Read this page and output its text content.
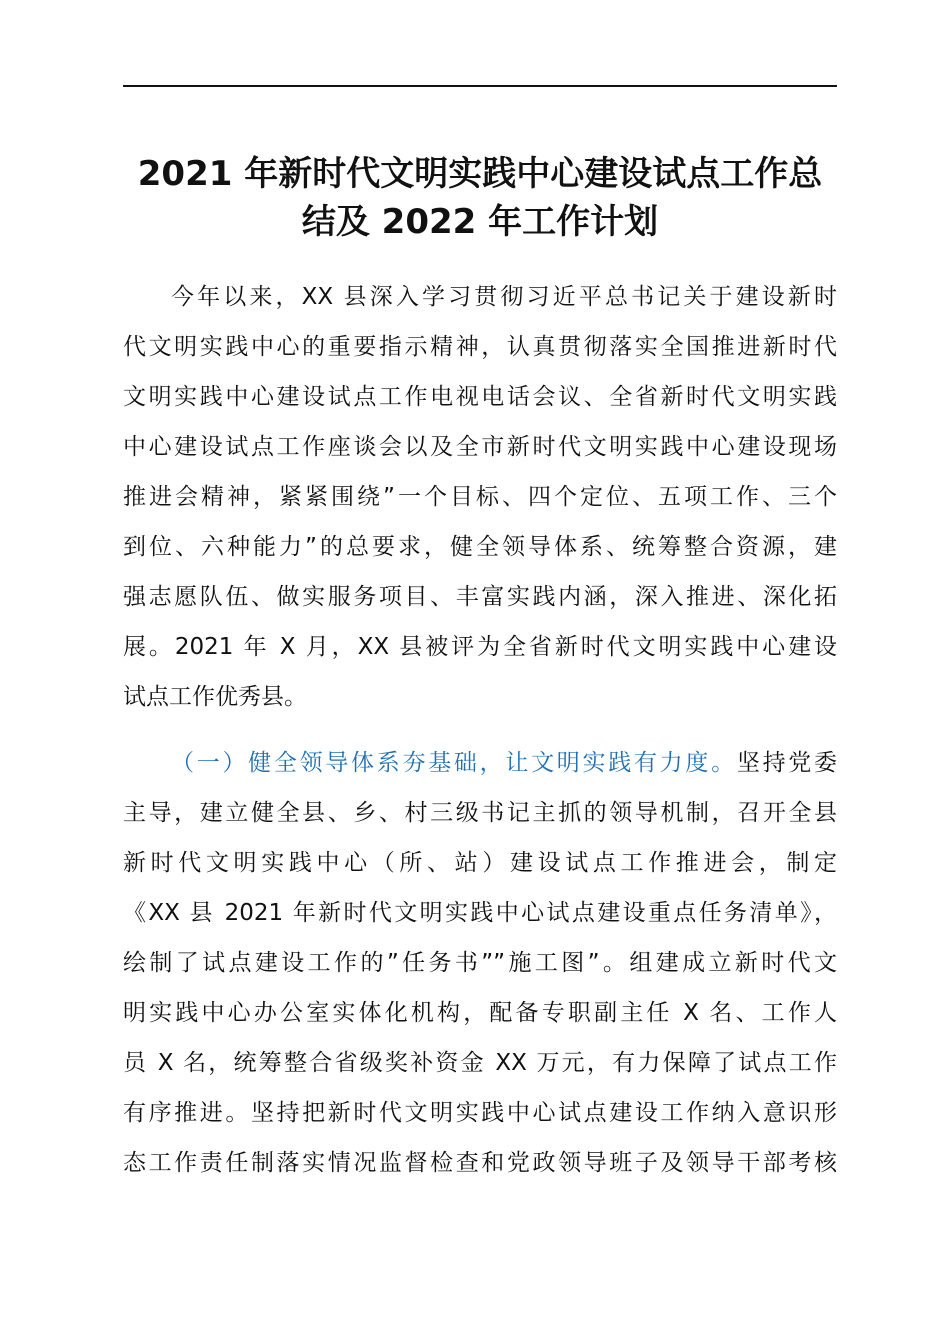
2021 年新时代文明实践中心建设试点工作总
结及 2022 年工作计划

今年以来，XX 县深入学习贯彻习近平总书记关于建设新时
代文明实践中心的重要指示精神，认真贯彻落实全国推进新时代
文明实践中心建设试点工作电视电话会议、全省新时代文明实践
中心建设试点工作座谈会以及全市新时代文明实践中心建设现场
推进会精神，紧紧围绕”一个目标、四个定位、五项工作、三个
到位、六种能力”的总要求，健全领导体系、统筹整合资源，建
强志愿队伍、做实服务项目、丰富实践内涵，深入推进、深化拓
展。2021 年 X 月，XX 县被评为全省新时代文明实践中心建设
试点工作优秀县。

（一）健全领导体系夯基础，让文明实践有力度。坚持党委
主导，建立健全县、乡、村三级书记主抓的领导机制，召开全县
新时代文明实践中心（所、站）建设试点工作推进会，制定
《XX 县 2021 年新时代文明实践中心试点建设重点任务清单》，
绘制了试点建设工作的”任务书””施工图”。组建成立新时代文
明实践中心办公室实体化机构，配备专职副主任 X 名、工作人
员 X 名，统筹整合省级奖补资金 XX 万元，有力保障了试点工作
有序推进。坚持把新时代文明实践中心试点建设工作纳入意识形
态工作责任制落实情况监督检查和党政领导班子及领导干部考核
